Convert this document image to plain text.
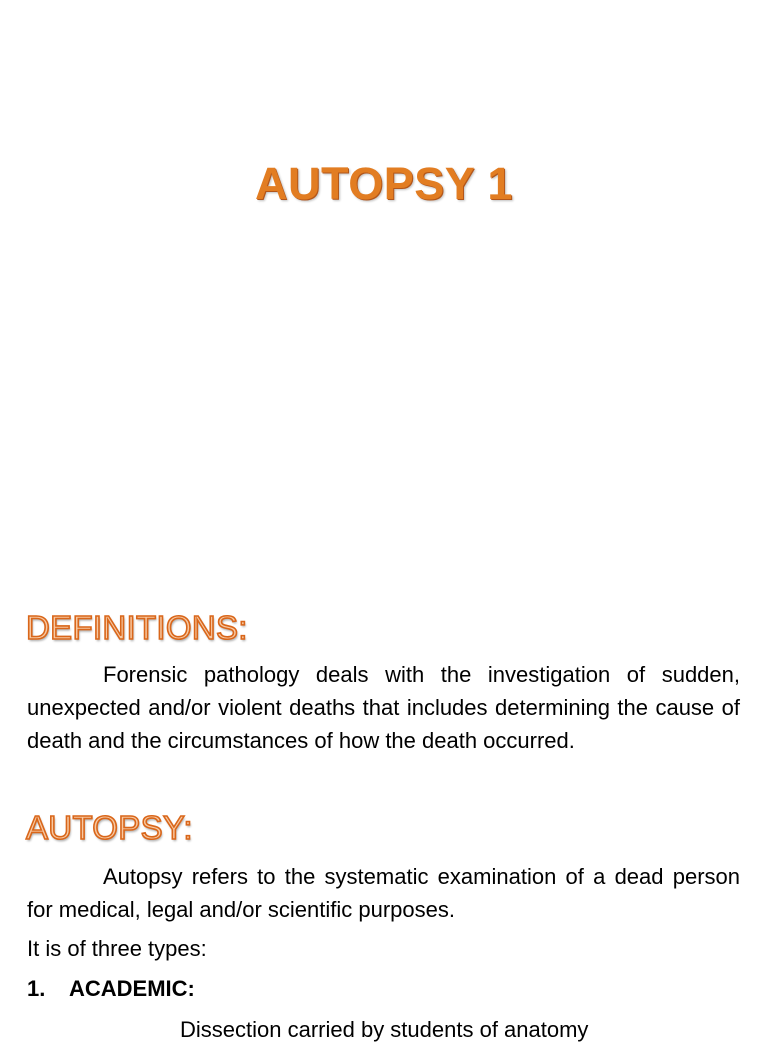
AUTOPSY 1
DEFINITIONS:
Forensic pathology deals with the investigation of sudden, unexpected and/or violent deaths that includes determining the cause of death and the circumstances of how the death occurred.
AUTOPSY:
Autopsy refers to the systematic examination of a dead person for medical, legal and/or scientific purposes.
It is of three types:
1. ACADEMIC:
Dissection carried by students of anatomy
